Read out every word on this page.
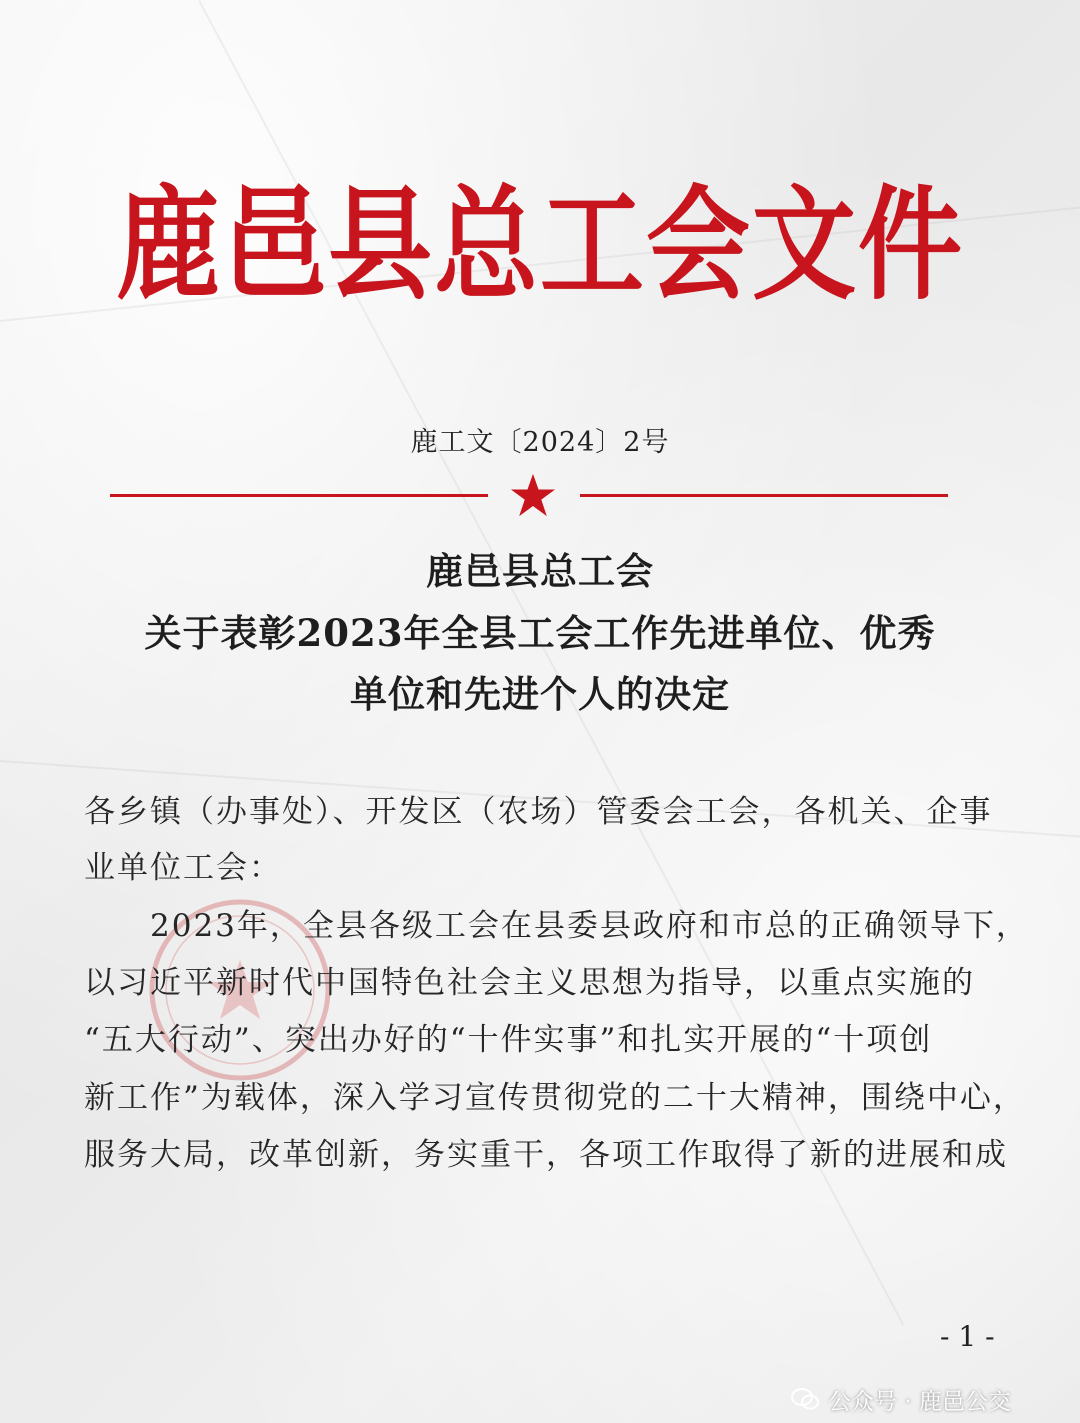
鹿邑县总工会文件
鹿工文〔2024〕2号
鹿邑县总工会
关于表彰2023年全县工会工作先进单位、优秀
单位和先进个人的决定
各乡镇（办事处）、开发区（农场）管委会工会，各机关、企事
业单位工会：
　　2023年，全县各级工会在县委县政府和市总的正确领导下，
以习近平新时代中国特色社会主义思想为指导，以重点实施的
“五大行动”、突出办好的“十件实事”和扎实开展的“十项创
新工作”为载体，深入学习宣传贯彻党的二十大精神，围绕中心，
服务大局，改革创新，务实重干，各项工作取得了新的进展和成
- 1 -
公众号 · 鹿邑公交
